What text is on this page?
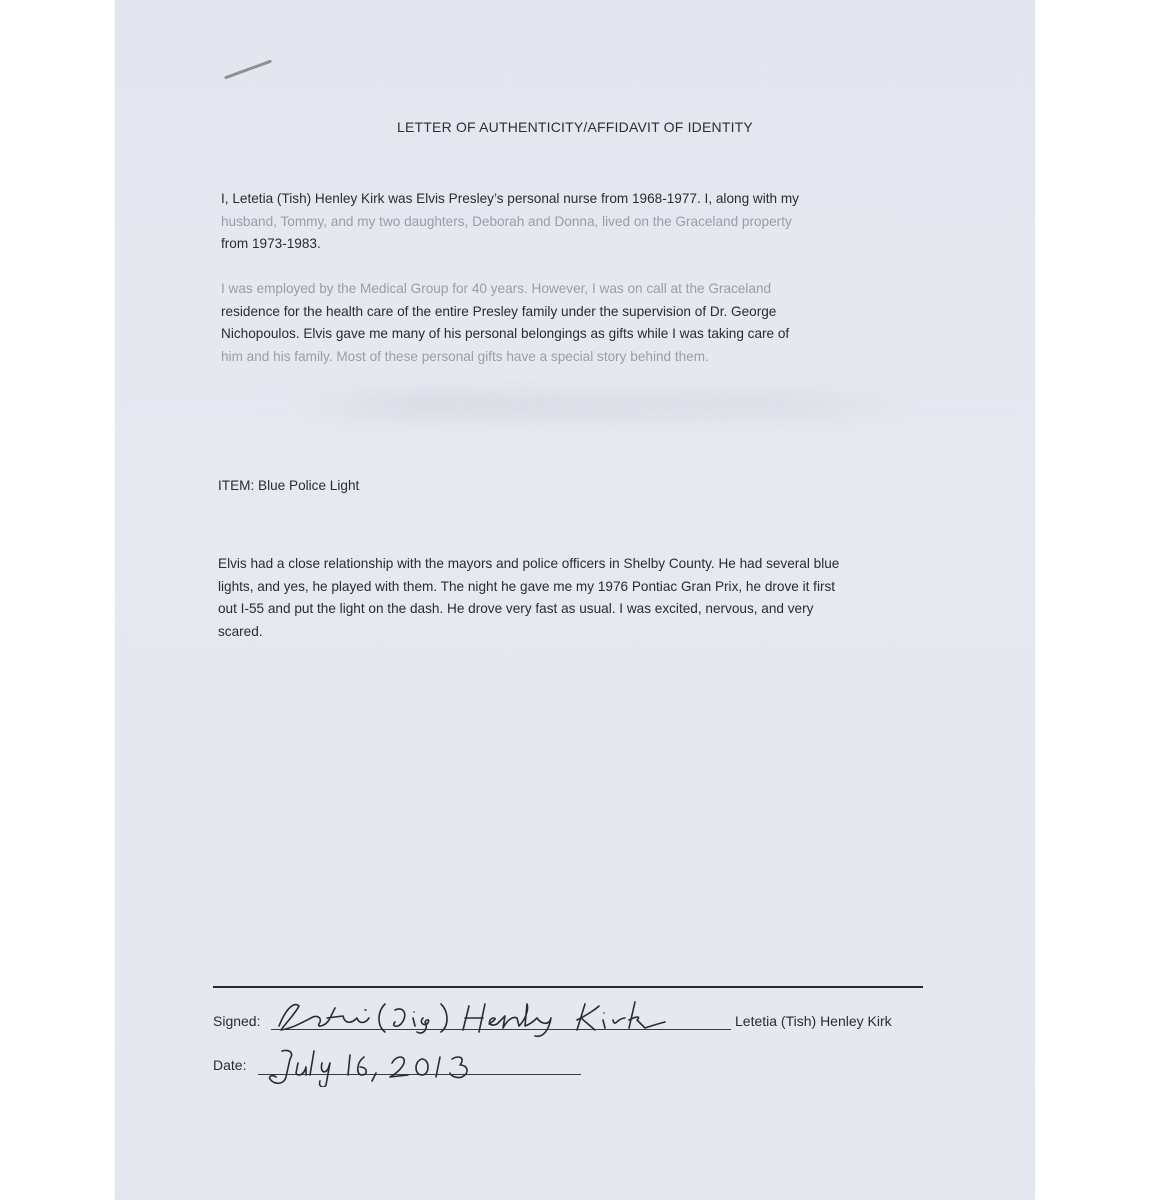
LETTER OF AUTHENTICITY/AFFIDAVIT OF IDENTITY
I, Letetia (Tish) Henley Kirk was Elvis Presley’s personal nurse from 1968-1977. I, along with my
husband, Tommy, and my two daughters, Deborah and Donna, lived on the Graceland property
from 1973-1983.
I was employed by the Medical Group for 40 years. However, I was on call at the Graceland
residence for the health care of the entire Presley family under the supervision of Dr. George
Nichopoulos. Elvis gave me many of his personal belongings as gifts while I was taking care of
him and his family. Most of these personal gifts have a special story behind them.
ITEM: Blue Police Light
Elvis had a close relationship with the mayors and police officers in Shelby County. He had several blue
lights, and yes, he played with them. The night he gave me my 1976 Pontiac Gran Prix, he drove it first
out I-55 and put the light on the dash. He drove very fast as usual. I was excited, nervous, and very
scared.
Signed:	Letetia (Tish) Henley Kirk
Date:
